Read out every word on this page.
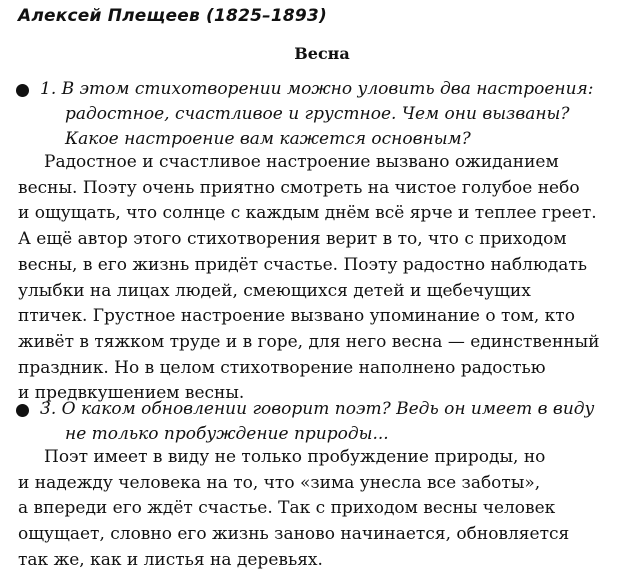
Алексей Плещеев (1825–1893)
Весна
1. В этом стихотворении можно уловить два настроения:
радостное, счастливое и грустное. Чем они вызваны?
Какое настроение вам кажется основным?
Радостное и счастливое настроение вызвано ожиданием
весны. Поэту очень приятно смотреть на чистое голубое небо
и ощущать, что солнце с каждым днём всё ярче и теплее греет.
А ещё автор этого стихотворения верит в то, что с приходом
весны, в его жизнь придёт счастье. Поэту радостно наблюдать
улыбки на лицах людей, смеющихся детей и щебечущих
птичек. Грустное настроение вызвано упоминание о том, кто
живёт в тяжком труде и в горе, для него весна — единственный
праздник. Но в целом стихотворение наполнено радостью
и предвкушением весны.
3. О каком обновлении говорит поэт? Ведь он имеет в виду
не только пробуждение природы...
Поэт имеет в виду не только пробуждение природы, но
и надежду человека на то, что «зима унесла все заботы»,
а впереди его ждёт счастье. Так с приходом весны человек
ощущает, словно его жизнь заново начинается, обновляется
так же, как и листья на деревьях.
